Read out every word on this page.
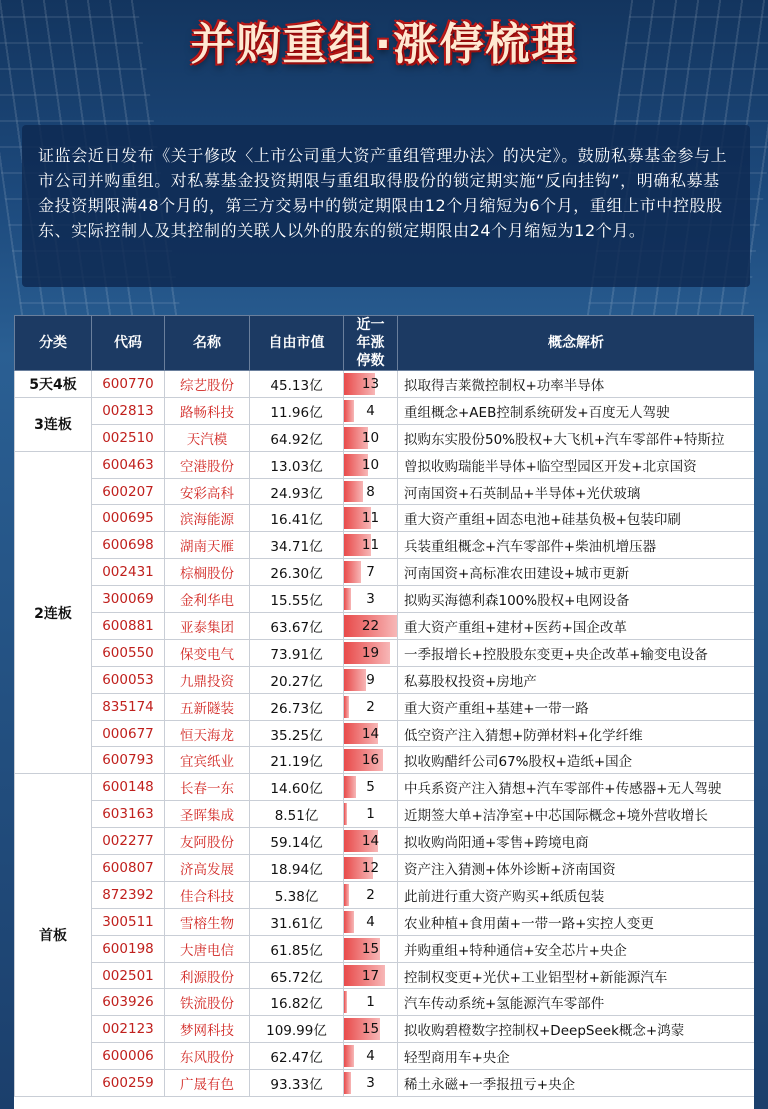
并购重组·涨停梳理

证监会近日发布《关于修改〈上市公司重大资产重组管理办法〉的决定》。鼓励私募基金参与上市公司并购重组。对私募基金投资期限与重组取得股份的锁定期实施“反向挂钩”，明确私募基金投资期限满48个月的，第三方交易中的锁定期限由12个月缩短为6个月，重组上市中控股股东、实际控制人及其控制的关联人以外的股东的锁定期限由24个月缩短为12个月。

分类	代码	名称	自由市值	近一年涨停数	概念解析
5天4板	600770	综艺股份	45.13亿	13	拟取得吉莱微控制权+功率半导体
3连板	002813	路畅科技	11.96亿	4	重组概念+AEB控制系统研发+百度无人驾驶
	002510	天汽模	64.92亿	10	拟购东实股份50%股权+大飞机+汽车零部件+特斯拉
2连板	600463	空港股份	13.03亿	10	曾拟收购瑞能半导体+临空型园区开发+北京国资
	600207	安彩高科	24.93亿	8	河南国资+石英制品+半导体+光伏玻璃
	000695	滨海能源	16.41亿	11	重大资产重组+固态电池+硅基负极+包装印刷
	600698	湖南天雁	34.71亿	11	兵装重组概念+汽车零部件+柴油机增压器
	002431	棕榈股份	26.30亿	7	河南国资+高标准农田建设+城市更新
	300069	金利华电	15.55亿	3	拟购买海德利森100%股权+电网设备
	600881	亚泰集团	63.67亿	22	重大资产重组+建材+医药+国企改革
	600550	保变电气	73.91亿	19	一季报增长+控股股东变更+央企改革+输变电设备
	600053	九鼎投资	20.27亿	9	私募股权投资+房地产
	835174	五新隧装	26.73亿	2	重大资产重组+基建+一带一路
	000677	恒天海龙	35.25亿	14	低空资产注入猜想+防弹材料+化学纤维
	600793	宜宾纸业	21.19亿	16	拟收购醋纤公司67%股权+造纸+国企
首板	600148	长春一东	14.60亿	5	中兵系资产注入猜想+汽车零部件+传感器+无人驾驶
	603163	圣晖集成	8.51亿	1	近期签大单+洁净室+中芯国际概念+境外营收增长
	002277	友阿股份	59.14亿	14	拟收购尚阳通+零售+跨境电商
	600807	济高发展	18.94亿	12	资产注入猜测+体外诊断+济南国资
	872392	佳合科技	5.38亿	2	此前进行重大资产购买+纸质包装
	300511	雪榕生物	31.61亿	4	农业种植+食用菌+一带一路+实控人变更
	600198	大唐电信	61.85亿	15	并购重组+特种通信+安全芯片+央企
	002501	利源股份	65.72亿	17	控制权变更+光伏+工业铝型材+新能源汽车
	603926	铁流股份	16.82亿	1	汽车传动系统+氢能源汽车零部件
	002123	梦网科技	109.99亿	15	拟收购碧橙数字控制权+DeepSeek概念+鸿蒙
	600006	东风股份	62.47亿	4	轻型商用车+央企
	600259	广晟有色	93.33亿	3	稀土永磁+一季报扭亏+央企
